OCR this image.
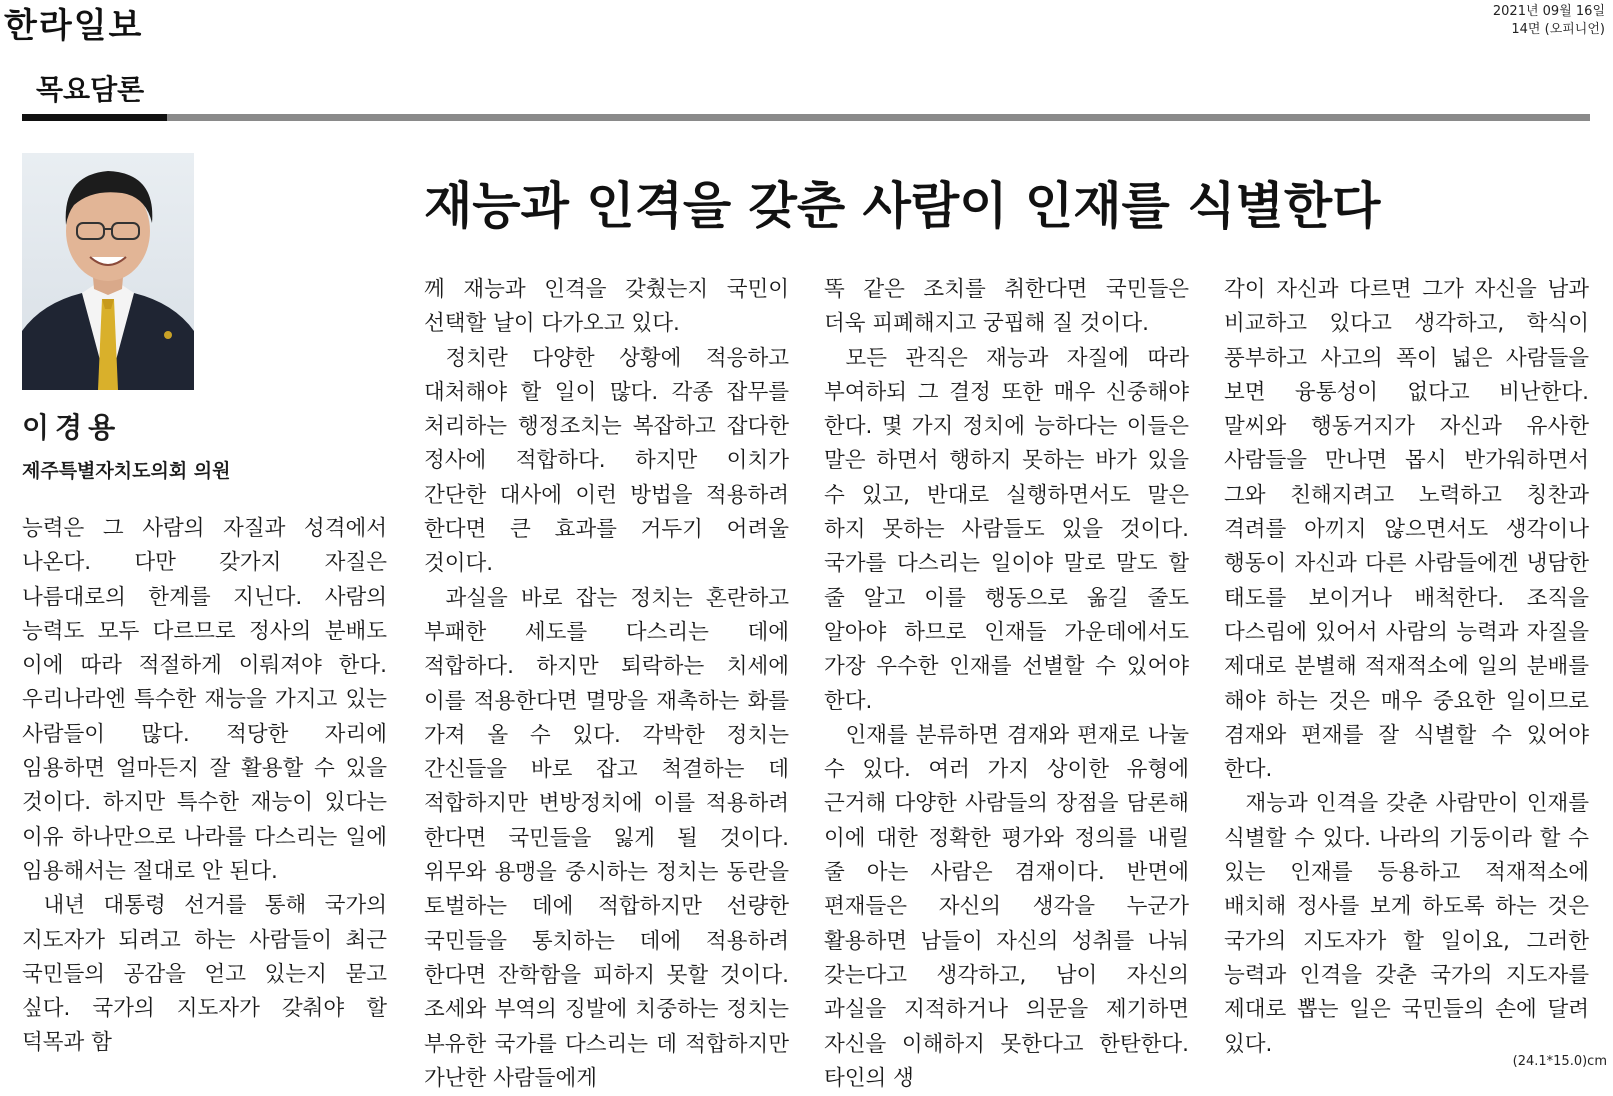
한라일보	2021년 09월 16일
14면 (오피니언)
목요담론
이경용
제주특별자치도의회 의원
재능과 인격을 갖춘 사람이 인재를 식별한다

능력은 그 사람의 자질과 성격에서 나온다. 다만 갖가지 자질은 나름대로의 한계를 지닌다. 사람의 능력도 모두 다르므로 정사의 분배도 이에 따라 적절하게 이뤄져야 한다. 우리나라엔 특수한 재능을 가지고 있는 사람들이 많다. 적당한 자리에 임용하면 얼마든지 잘 활용할 수 있을 것이다. 하지만 특수한 재능이 있다는 이유 하나만으로 나라를 다스리는 일에 임용해서는 절대로 안 된다.

내년 대통령 선거를 통해 국가의 지도자가 되려고 하는 사람들이 최근 국민들의 공감을 얻고 있는지 묻고 싶다. 국가의 지도자가 갖춰야 할 덕목과 함

께 재능과 인격을 갖췄는지 국민이 선택할 날이 다가오고 있다.

정치란 다양한 상황에 적응하고 대처해야 할 일이 많다. 각종 잡무를 처리하는 행정조치는 복잡하고 잡다한 정사에 적합하다. 하지만 이치가 간단한 대사에 이런 방법을 적용하려 한다면 큰 효과를 거두기 어려울 것이다.

과실을 바로 잡는 정치는 혼란하고 부패한 세도를 다스리는 데에 적합하다. 하지만 퇴락하는 치세에 이를 적용한다면 멸망을 재촉하는 화를 가져 올 수 있다. 각박한 정치는 간신들을 바로 잡고 척결하는 데 적합하지만 변방정치에 이를 적용하려 한다면 국민들을 잃게 될 것이다. 위무와 용맹을 중시하는 정치는 동란을 토벌하는 데에 적합하지만 선량한 국민들을 통치하는 데에 적용하려 한다면 잔학함을 피하지 못할 것이다. 조세와 부역의 징발에 치중하는 정치는 부유한 국가를 다스리는 데 적합하지만 가난한 사람들에게

똑 같은 조치를 취한다면 국민들은 더욱 피폐해지고 궁핍해 질 것이다.

모든 관직은 재능과 자질에 따라 부여하되 그 결정 또한 매우 신중해야 한다. 몇 가지 정치에 능하다는 이들은 말은 하면서 행하지 못하는 바가 있을 수 있고, 반대로 실행하면서도 말은 하지 못하는 사람들도 있을 것이다. 국가를 다스리는 일이야 말로 말도 할 줄 알고 이를 행동으로 옮길 줄도 알아야 하므로 인재들 가운데에서도 가장 우수한 인재를 선별할 수 있어야 한다.

인재를 분류하면 겸재와 편재로 나눌 수 있다. 여러 가지 상이한 유형에 근거해 다양한 사람들의 장점을 담론해 이에 대한 정확한 평가와 정의를 내릴 줄 아는 사람은 겸재이다. 반면에 편재들은 자신의 생각을 누군가 활용하면 남들이 자신의 성취를 나눠 갖는다고 생각하고, 남이 자신의 과실을 지적하거나 의문을 제기하면 자신을 이해하지 못한다고 한탄한다. 타인의 생

각이 자신과 다르면 그가 자신을 남과 비교하고 있다고 생각하고, 학식이 풍부하고 사고의 폭이 넓은 사람들을 보면 융통성이 없다고 비난한다. 말씨와 행동거지가 자신과 유사한 사람들을 만나면 몹시 반가워하면서 그와 친해지려고 노력하고 칭찬과 격려를 아끼지 않으면서도 생각이나 행동이 자신과 다른 사람들에겐 냉담한 태도를 보이거나 배척한다. 조직을 다스림에 있어서 사람의 능력과 자질을 제대로 분별해 적재적소에 일의 분배를 해야 하는 것은 매우 중요한 일이므로 겸재와 편재를 잘 식별할 수 있어야 한다.

재능과 인격을 갖춘 사람만이 인재를 식별할 수 있다. 나라의 기둥이라 할 수 있는 인재를 등용하고 적재적소에 배치해 정사를 보게 하도록 하는 것은 국가의 지도자가 할 일이요, 그러한 능력과 인격을 갖춘 국가의 지도자를 제대로 뽑는 일은 국민들의 손에 달려 있다.

(24.1*15.0)cm
